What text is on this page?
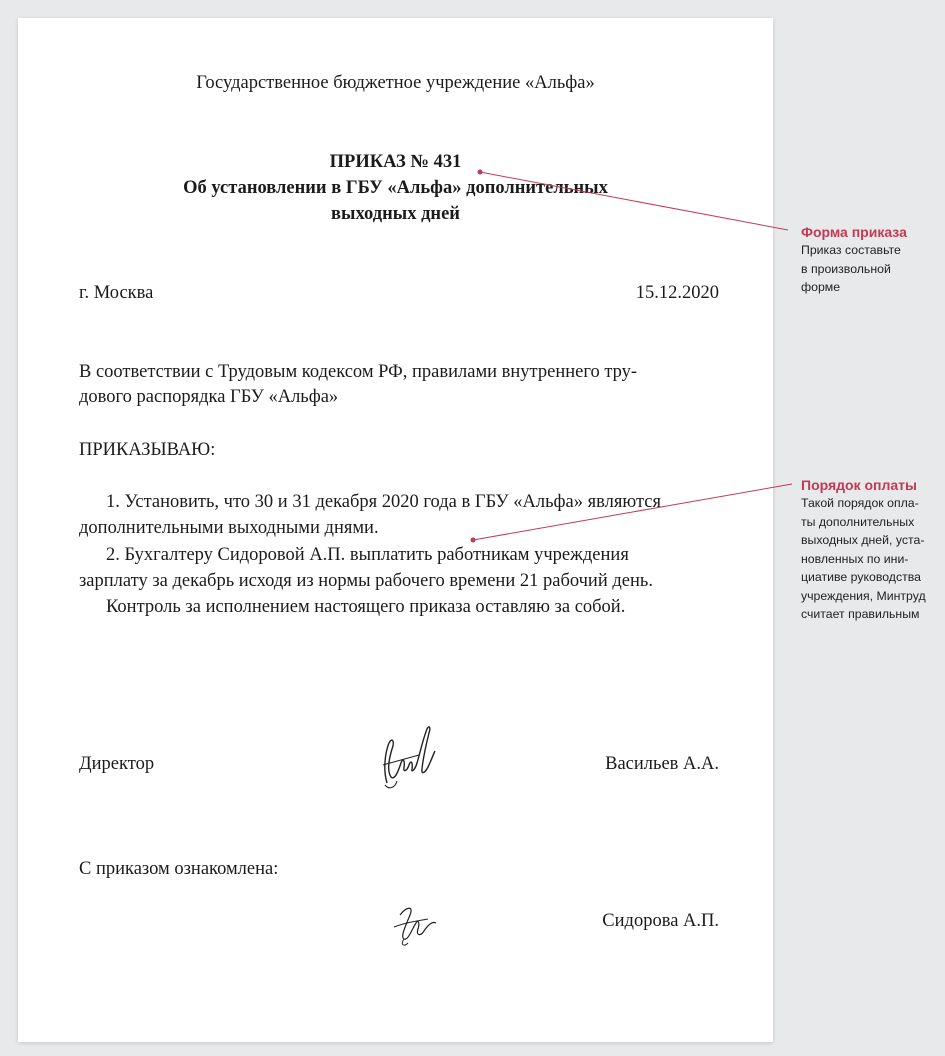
Государственное бюджетное учреждение «Альфа»
ПРИКАЗ № 431
Об установлении в ГБУ «Альфа» дополнительных
выходных дней
г. Москва	15.12.2020
В соответствии с Трудовым кодексом РФ, правилами внутреннего тру-
дового распорядка ГБУ «Альфа»
ПРИКАЗЫВАЮ:
1. Установить, что 30 и 31 декабря 2020 года в ГБУ «Альфа» являются
дополнительными выходными днями.
2. Бухгалтеру Сидоровой А.П. выплатить работникам учреждения
зарплату за декабрь исходя из нормы рабочего времени 21 рабочий день.
Контроль за исполнением настоящего приказа оставляю за собой.
Директор	Васильев А.А.
С приказом ознакомлена:
Сидорова А.П.
Форма приказа
Приказ составьте
в произвольной
форме
Порядок оплаты
Такой порядок опла-
ты дополнительных
выходных дней, уста-
новленных по ини-
циативе руководства
учреждения, Минтруд
считает правильным
